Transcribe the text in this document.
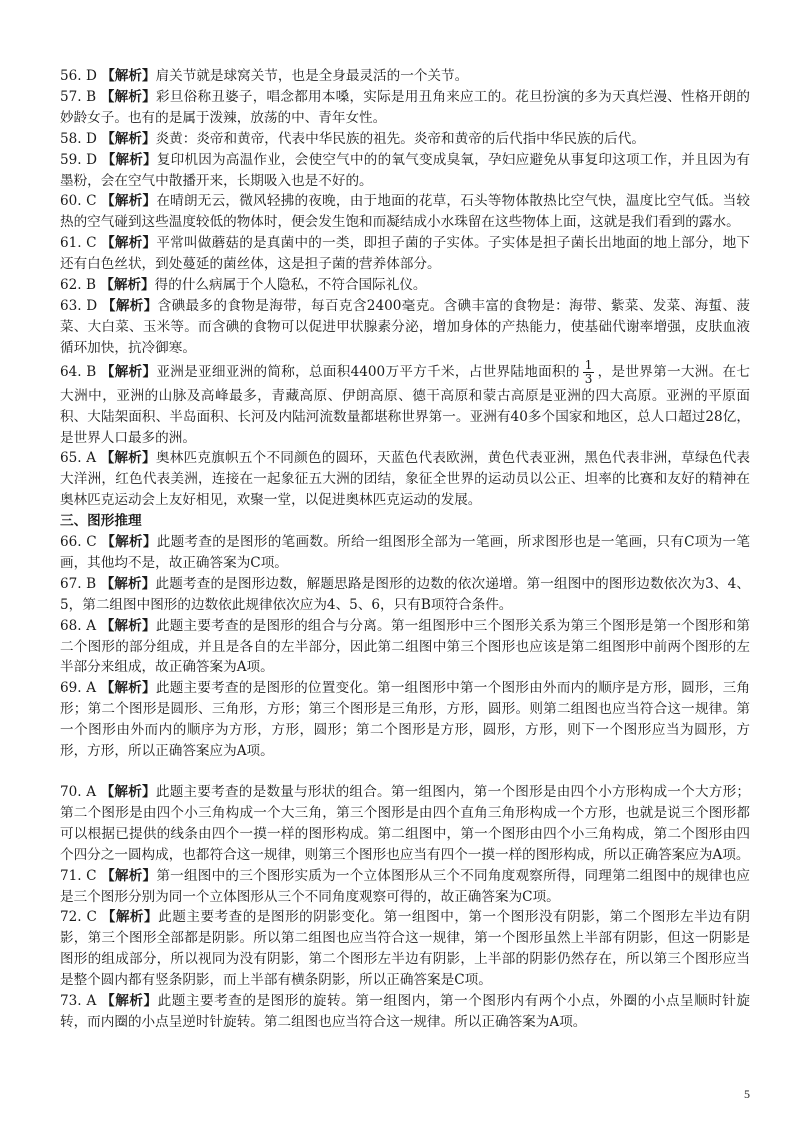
56. D 【解析】肩关节就是球窝关节，也是全身最灵活的一个关节。

57. B 【解析】彩旦俗称丑婆子，唱念都用本嗓，实际是用丑角来应工的。花旦扮演的多为天真烂漫、性格开朗的妙龄女子。也有的是属于泼辣，放荡的中、青年女性。

58. D 【解析】炎黄：炎帝和黄帝，代表中华民族的祖先。炎帝和黄帝的后代指中华民族的后代。

59. D 【解析】复印机因为高温作业，会使空气中的的氧气变成臭氧，孕妇应避免从事复印这项工作，并且因为有墨粉，会在空气中散播开来，长期吸入也是不好的。

60. C 【解析】在晴朗无云，微风轻拂的夜晚，由于地面的花草，石头等物体散热比空气快，温度比空气低。当较热的空气碰到这些温度较低的物体时，便会发生饱和而凝结成小水珠留在这些物体上面，这就是我们看到的露水。

61. C 【解析】平常叫做蘑菇的是真菌中的一类，即担子菌的子实体。子实体是担子菌长出地面的地上部分，地下还有白色丝状，到处蔓延的菌丝体，这是担子菌的营养体部分。

62. B 【解析】得的什么病属于个人隐私，不符合国际礼仪。

63. D 【解析】含碘最多的食物是海带，每百克含2400毫克。含碘丰富的食物是：海带、紫菜、发菜、海蜇、菠菜、大白菜、玉米等。而含碘的食物可以促进甲状腺素分泌，增加身体的产热能力，使基础代谢率增强，皮肤血液循环加快，抗冷御寒。

64. B 【解析】亚洲是亚细亚洲的简称，总面积4400万平方千米，占世界陆地面积的 $\frac{1}{3}$ ，是世界第一大洲。在七大洲中，亚洲的山脉及高峰最多，青藏高原、伊朗高原、德干高原和蒙古高原是亚洲的四大高原。亚洲的平原面积、大陆架面积、半岛面积、长河及内陆河流数量都堪称世界第一。亚洲有40多个国家和地区，总人口超过28亿，是世界人口最多的洲。

65. A 【解析】奥林匹克旗帜五个不同颜色的圆环，天蓝色代表欧洲，黄色代表亚洲，黑色代表非洲，草绿色代表大洋洲，红色代表美洲，连接在一起象征五大洲的团结，象征全世界的运动员以公正、坦率的比赛和友好的精神在奥林匹克运动会上友好相见，欢聚一堂，以促进奥林匹克运动的发展。

三、图形推理

66. C 【解析】此题考查的是图形的笔画数。所给一组图形全部为一笔画，所求图形也是一笔画，只有C项为一笔画，其他均不是，故正确答案为C项。

67. B 【解析】此题考查的是图形边数，解题思路是图形的边数的依次递增。第一组图中的图形边数依次为3、4、5，第二组图中图形的边数依此规律依次应为4、5、6，只有B项符合条件。

68. A 【解析】此题主要考查的是图形的组合与分离。第一组图形中三个图形关系为第三个图形是第一个图形和第二个图形的部分组成，并且是各自的左半部分，因此第二组图中第三个图形也应该是第二组图形中前两个图形的左半部分来组成，故正确答案为A项。

69. A 【解析】此题主要考查的是图形的位置变化。第一组图形中第一个图形由外而内的顺序是方形，圆形，三角形；第二个图形是圆形、三角形，方形；第三个图形是三角形，方形，圆形。则第二组图也应当符合这一规律。第一个图形由外而内的顺序为方形，方形，圆形；第二个图形是方形，圆形，方形，则下一个图形应当为圆形，方形，方形，所以正确答案应为A项。

70. A 【解析】此题主要考查的是数量与形状的组合。第一组图内，第一个图形是由四个小方形构成一个大方形；第二个图形是由四个小三角构成一个大三角，第三个图形是由四个直角三角形构成一个方形，也就是说三个图形都可以根据已提供的线条由四个一摸一样的图形构成。第二组图中，第一个图形由四个小三角构成，第二个图形由四个四分之一圆构成，也都符合这一规律，则第三个图形也应当有四个一摸一样的图形构成，所以正确答案应为A项。

71. C 【解析】第一组图中的三个图形实质为一个立体图形从三个不同角度观察所得，同理第二组图中的规律也应是三个图形分别为同一个立体图形从三个不同角度观察可得的，故正确答案为C项。

72. C 【解析】此题主要考查的是图形的阴影变化。第一组图中，第一个图形没有阴影，第二个图形左半边有阴影，第三个图形全部都是阴影。所以第二组图也应当符合这一规律，第一个图形虽然上半部有阴影，但这一阴影是图形的组成部分，所以视同为没有阴影，第二个图形左半边有阴影，上半部的阴影仍然存在，所以第三个图形应当是整个圆内都有竖条阴影，而上半部有横条阴影，所以正确答案是C项。

73. A 【解析】此题主要考查的是图形的旋转。第一组图内，第一个图形内有两个小点，外圈的小点呈顺时针旋转，而内圈的小点呈逆时针旋转。第二组图也应当符合这一规律。所以正确答案为A项。

5
